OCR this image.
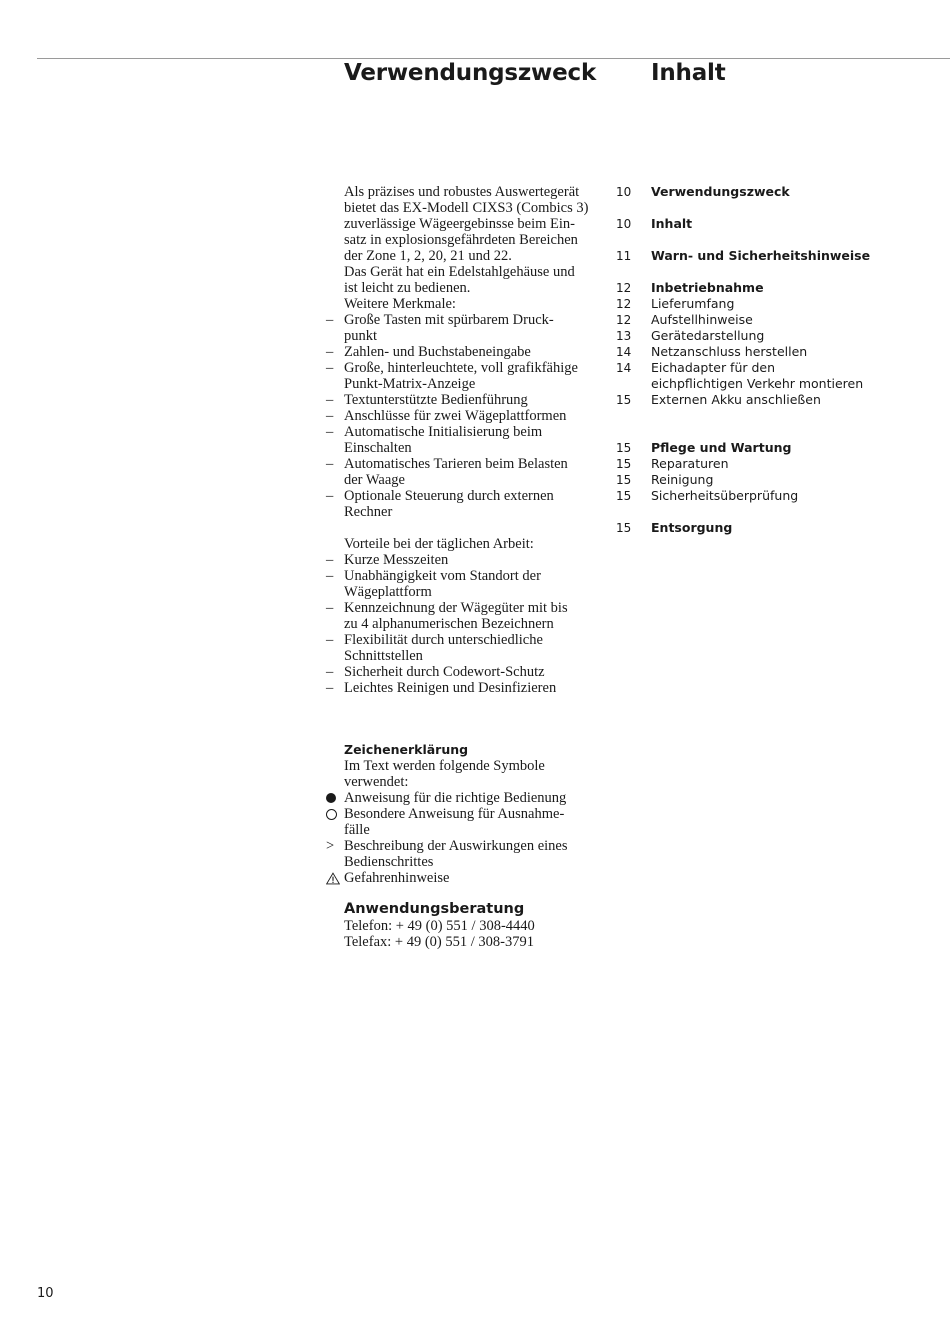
Verwendungszweck Inhalt
Als präzises und robustes Auswertegerät
bietet das EX-Modell CIXS3 (Combics 3)
zuverlässige Wägeergebinsse beim Ein-
satz in explosionsgefährdeten Bereichen
der Zone 1, 2, 20, 21 und 22.
Das Gerät hat ein Edelstahlgehäuse und
ist leicht zu bedienen.
Weitere Merkmale:
– Große Tasten mit spürbarem Druck-
punkt
– Zahlen- und Buchstabeneingabe
– Große, hinterleuchtete, voll grafikfähige
Punkt-Matrix-Anzeige
– Textunterstützte Bedienführung
– Anschlüsse für zwei Wägeplattformen
– Automatische Initialisierung beim
Einschalten
– Automatisches Tarieren beim Belasten
der Waage
– Optionale Steuerung durch externen
Rechner
Vorteile bei der täglichen Arbeit:
– Kurze Messzeiten
– Unabhängigkeit vom Standort der
Wägeplattform
– Kennzeichnung der Wägegüter mit bis
zu 4 alphanumerischen Bezeichnern
– Flexibilität durch unterschiedliche
Schnittstellen
– Sicherheit durch Codewort-Schutz
– Leichtes Reinigen und Desinfizieren
Zeichenerklärung
Im Text werden folgende Symbole
verwendet:
Anweisung für die richtige Bedienung
Besondere Anweisung für Ausnahme-
fälle
> Beschreibung der Auswirkungen eines
Bedienschrittes
Gefahrenhinweise
Anwendungsberatung
Telefon: + 49 (0) 551 / 308-4440
Telefax: + 49 (0) 551 / 308-3791
10 Verwendungszweck
10 Inhalt
11 Warn- und Sicherheitshinweise
12 Inbetriebnahme
12 Lieferumfang
12 Aufstellhinweise
13 Gerätedarstellung
14 Netzanschluss herstellen
14 Eichadapter für den eichpflichtigen Verkehr montieren
15 Externen Akku anschließen
15 Pflege und Wartung
15 Reparaturen
15 Reinigung
15 Sicherheitsüberprüfung
15 Entsorgung
10
